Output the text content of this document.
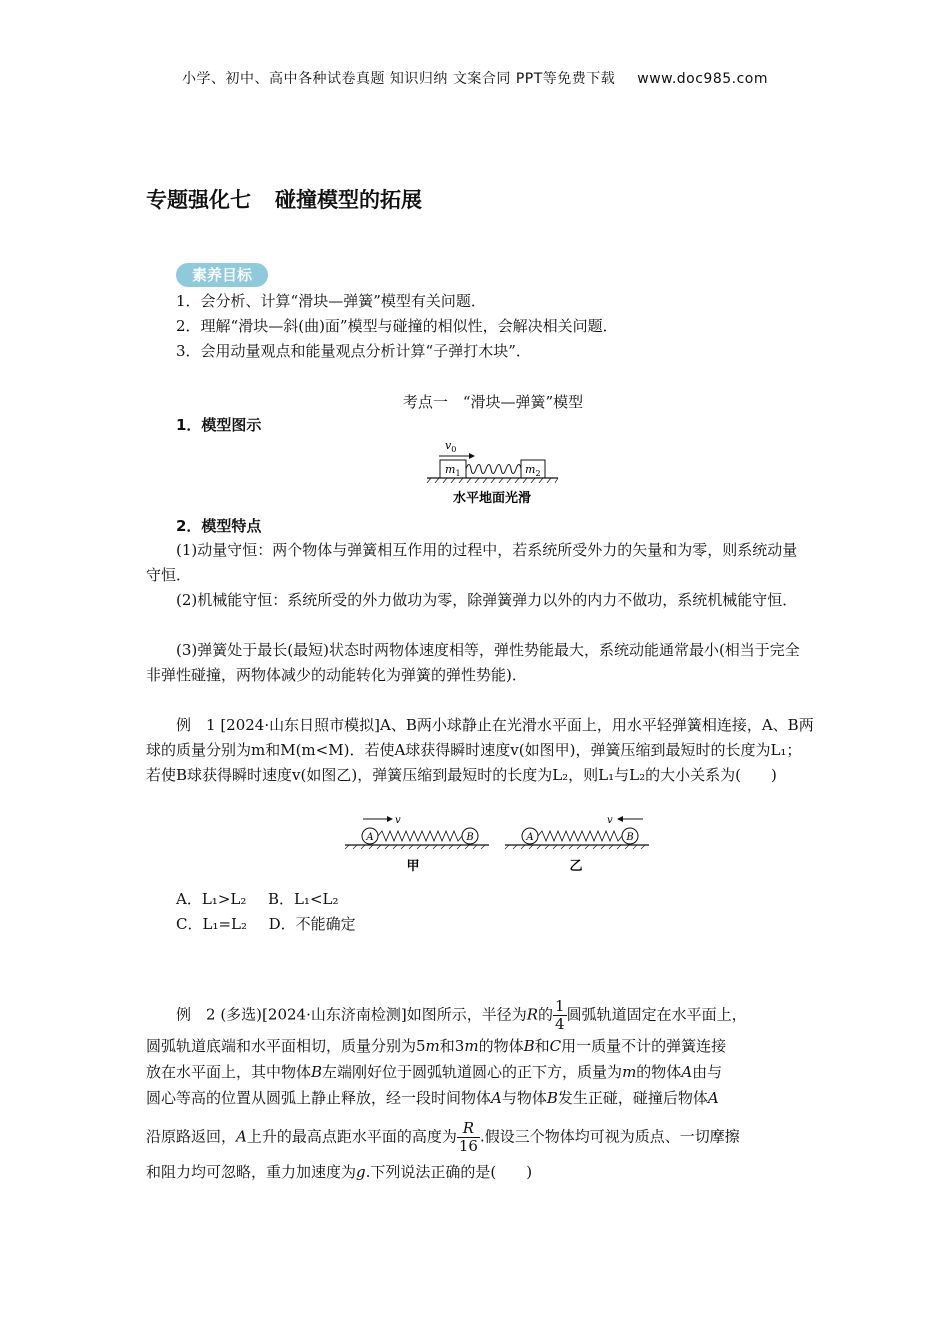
小学、初中、高中各种试卷真题 知识归纳 文案合同 PPT等免费下载 www.doc985.com
专题强化七 碰撞模型的拓展
素养目标
1．会分析、计算“滑块—弹簧”模型有关问题．
2．理解“滑块—斜(曲)面”模型与碰撞的相似性，会解决相关问题．
3．会用动量观点和能量观点分析计算“子弹打木块”．
考点一　“滑块—弹簧”模型
1．模型图示
$v_0$
$m_1$	$m_2$
水平地面光滑
2．模型特点
(1)动量守恒：两个物体与弹簧相互作用的过程中，若系统所受外力的矢量和为零，则系统动量守恒．
(2)机械能守恒：系统所受的外力做功为零，除弹簧弹力以外的内力不做功，系统机械能守恒．
(3)弹簧处于最长(最短)状态时两物体速度相等，弹性势能最大，系统动能通常最小(相当于完全非弹性碰撞，两物体减少的动能转化为弹簧的弹性势能)．
例　1 [2024·山东日照市模拟]A、B两小球静止在光滑水平面上，用水平轻弹簧相连接，A、B两球的质量分别为m和M(m<M)．若使A球获得瞬时速度v(如图甲)，弹簧压缩到最短时的长度为L₁；若使B球获得瞬时速度v(如图乙)，弹簧压缩到最短时的长度为L₂，则L₁与L₂的大小关系为(　　)
v
A	B
甲
v
A	B
乙
A．L₁>L₂ B．L₁<L₂
C．L₁=L₂ D．不能确定
例　2 (多选)[2024·山东济南检测]如图所示，半径为R的 $\frac{1}{4}$ 圆弧轨道固定在水平面上，
圆弧轨道底端和水平面相切，质量分别为5m和3m的物体B和C用一质量不计的弹簧连接
放在水平面上，其中物体B左端刚好位于圆弧轨道圆心的正下方，质量为m的物体A由与
圆心等高的位置从圆弧上静止释放，经一段时间物体A与物体B发生正碰，碰撞后物体A
沿原路返回，A上升的最高点距水平面的高度为 $\frac{R}{16}$ .假设三个物体均可视为质点、一切摩擦
和阻力均可忽略，重力加速度为g.下列说法正确的是(　　)
